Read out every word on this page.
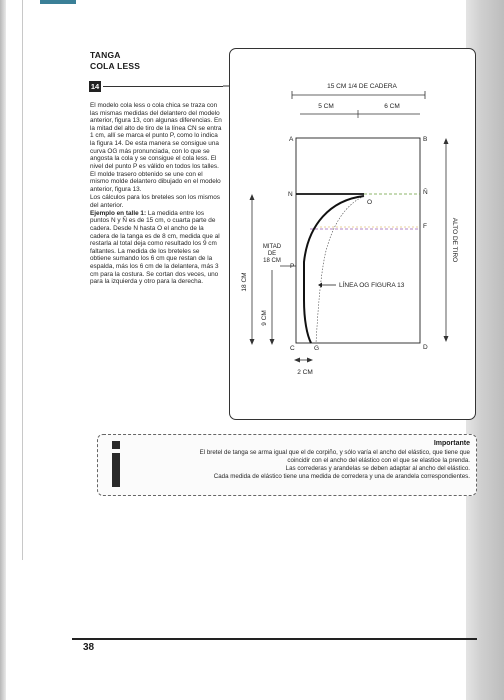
TANGA
COLA LESS
14

El modelo cola less o cola chica se traza con las mismas medidas del delantero del modelo anterior, figura 13, con algunas diferencias. En la mitad del alto de tiro de la línea CN se entra 1 cm, allí se marca el punto P, como lo indica la figura 14. De esta manera se consigue una curva OG más pronunciada, con lo que se angosta la cola y se consigue el cola less. El nivel del punto P es válido en todos los talles.

El molde trasero obtenido se une con el mismo molde delantero dibujado en el modelo anterior, figura 13.

Los cálculos para los breteles son los mismos del anterior.

Ejemplo en talle 1: La medida entre los puntos N y Ñ es de 15 cm, o cuarta parte de cadera. Desde N hasta O el ancho de la cadera de la tanga es de 8 cm, medida que al restarla al total deja como resultado los 9 cm faltantes. La medida de los breteles se obtiene sumando los 6 cm que restan de la espalda, más los 6 cm de la delantera, más 3 cm para la costura. Se cortan dos veces, uno para la izquierda y otro para la derecha.

15 CM 1/4 DE CADERA
5 CM	6 CM
A	B
N
O
Ñ
F
P
C	G	D
LÍNEA OG FIGURA 13
MITAD
DE
18 CM
18 CM
9 CM
ALTO DE TIRO
2 CM
Importante

El bretel de tanga se arma igual que el de corpiño, y sólo varía el ancho del elástico, que tiene que

coincidir con el ancho del elástico con el que se elastice la prenda.

Las correderas y arandelas se deben adaptar al ancho del elástico.

Cada medida de elástico tiene una medida de corredera y una de arandela correspondientes.

38
